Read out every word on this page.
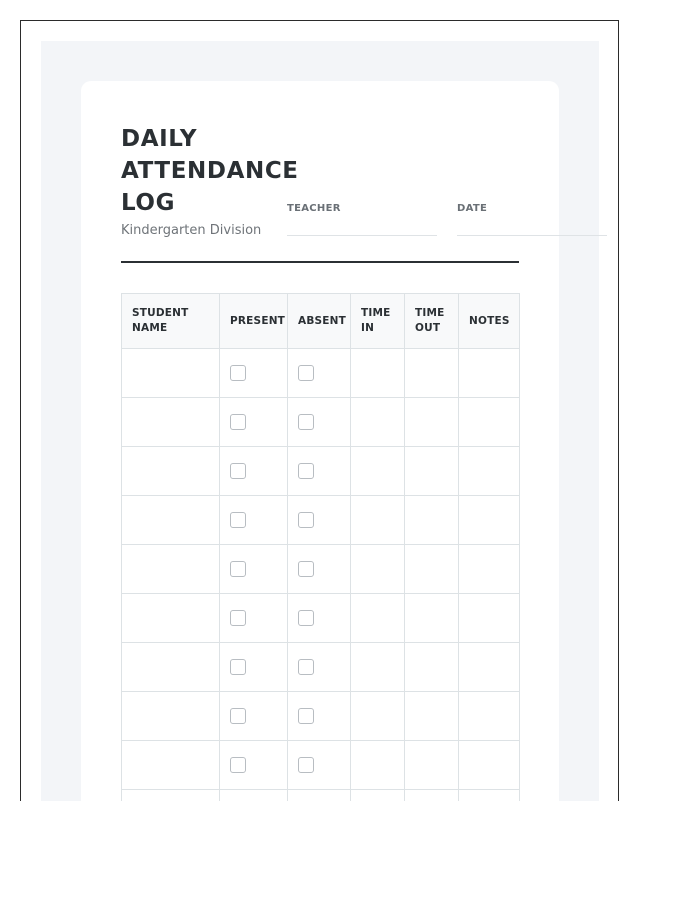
DAILY ATTENDANCE LOG
Kindergarten Division
TEACHER	DATE
STUDENT NAME	PRESENT	ABSENT	TIME IN	TIME OUT	NOTES
